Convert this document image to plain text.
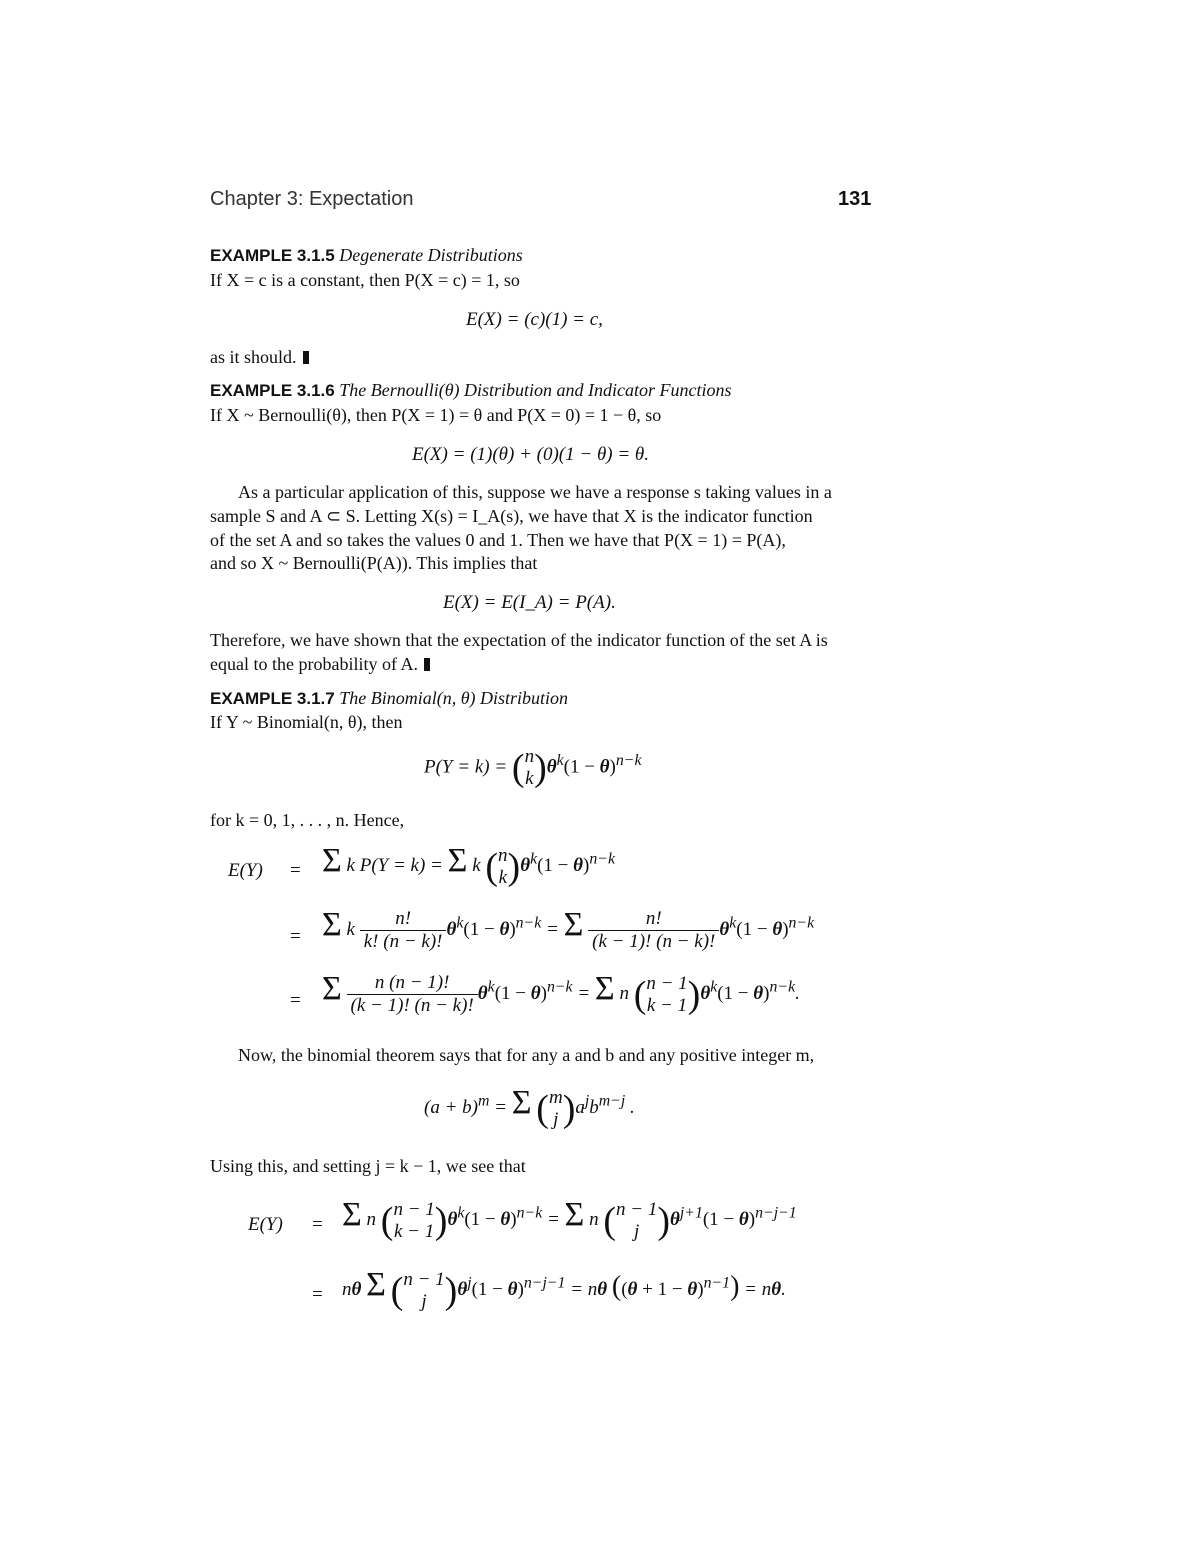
Chapter 3: Expectation	131
EXAMPLE 3.1.5 Degenerate Distributions
If X = c is a constant, then P(X = c) = 1, so
E(X) = (c)(1) = c,
as it should.
EXAMPLE 3.1.6 The Bernoulli(θ) Distribution and Indicator Functions
If X ~ Bernoulli(θ), then P(X = 1) = θ and P(X = 0) = 1 − θ, so
E(X) = (1)(θ) + (0)(1 − θ) = θ.
As a particular application of this, suppose we have a response s taking values in a
sample S and A ⊂ S. Letting X(s) = I_A(s), we have that X is the indicator function
of the set A and so takes the values 0 and 1. Then we have that P(X = 1) = P(A),
and so X ~ Bernoulli(P(A)). This implies that
E(X) = E(I_A) = P(A).
Therefore, we have shown that the expectation of the indicator function of the set A is
equal to the probability of A.
EXAMPLE 3.1.7 The Binomial(n, θ) Distribution
If Y ~ Binomial(n, θ), then
P(Y = k) = ( n
k )$\theta^k(1 - \theta)^{n-k}$
for k = 0, 1, . . . , n. Hence,
E(Y) = Σ k P(Y = k) = Σ k ( n
k )$\theta^k(1 - \theta)^{n-k}$
= Σ k $\frac{n!}{k! (n - k)!} \theta^k(1 - \theta)^{n-k} = \Sigma \frac{n!}{(k - 1)! (n - k)!} \theta^k(1 - \theta)^{n-k}$
= Σ $\frac{n (n - 1)!}{(k - 1)! (n - k)!} \theta^k(1 - \theta)^{n-k} = \Sigma$ n ( n − 1
k − 1 )$\theta^k(1 - \theta)^{n-k}$.
Now, the binomial theorem says that for any a and b and any positive integer m,
$(a + b)^m = \Sigma$ ( m
j )$a^jb^{m-j}$ .
Using this, and setting j = k − 1, we see that
E(Y) = Σ n ( n − 1
k − 1 )$\theta^k(1 - \theta)^{n-k} = \Sigma$ n ( n − 1
j )$\theta^{j+1}(1 - \theta)^{n-j-1}$
= nθ Σ ( n − 1
j )$\theta^j(1 - \theta)^{n-j-1} = n\theta$ $((\theta + 1 - \theta)^{n-1}) = n\theta$.
